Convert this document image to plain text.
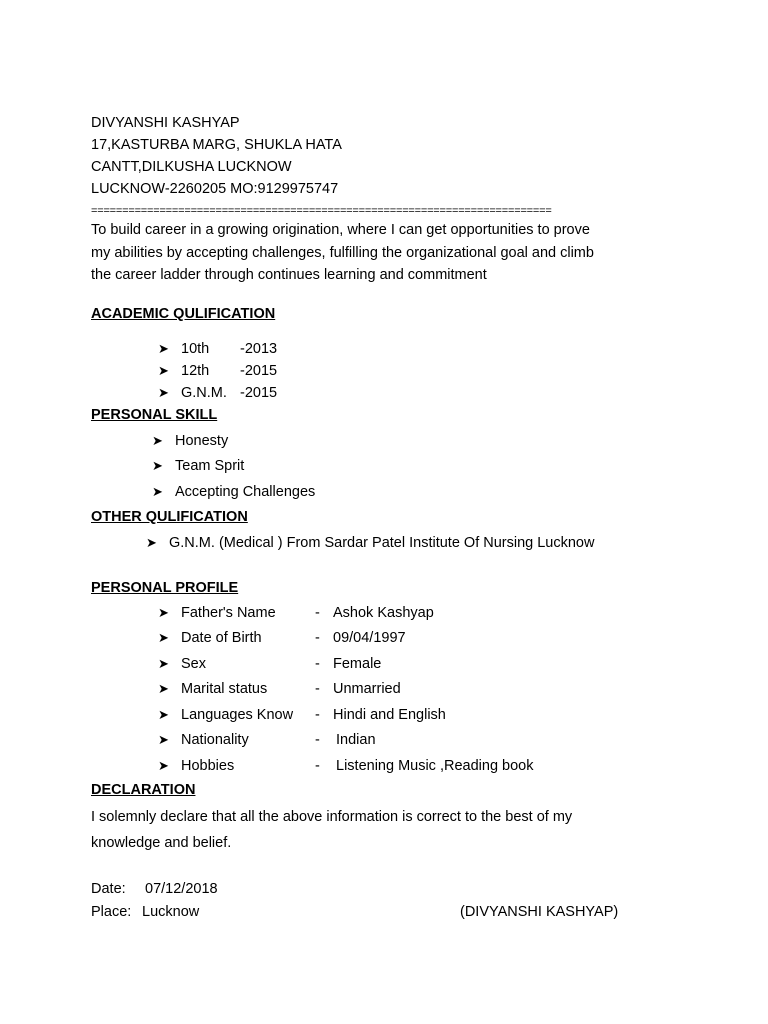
DIVYANSHI KASHYAP
17,KASTURBA MARG, SHUKLA HATA
CANTT,DILKUSHA LUCKNOW
LUCKNOW-2260205 MO:9129975747
==========================================================================
To build career in a growing origination, where I can get opportunities to prove
my abilities by accepting challenges, fulfilling the organizational goal and climb
the career ladder through continues learning and commitment
ACADEMIC QULIFICATION
➤ 10th -2013
➤ 12th -2015
➤ G.N.M. -2015
PERSONAL SKILL
➤ Honesty
➤ Team Sprit
➤ Accepting Challenges
OTHER QULIFICATION
➤ G.N.M. (Medical ) From Sardar Patel Institute Of Nursing Lucknow
PERSONAL PROFILE
➤ Father's Name	- Ashok Kashyap
➤ Date of Birth	- 09/04/1997
➤ Sex	- Female
➤ Marital status	- Unmarried
➤ Languages Know - Hindi and English
➤ Nationality	- Indian
➤ Hobbies	- Listening Music ,Reading book
DECLARATION
I solemnly declare that all the above information is correct to the best of my
knowledge and belief.
Date: 07/12/2018
Place: Lucknow	(DIVYANSHI KASHYAP)
